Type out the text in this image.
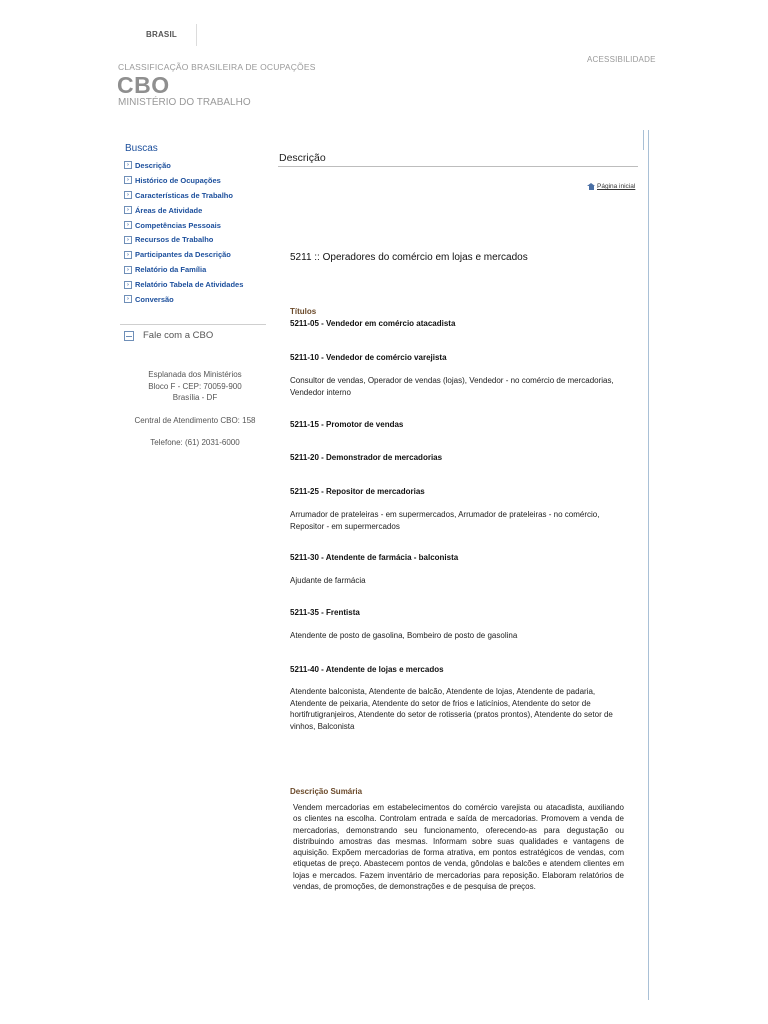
BRASIL
ACESSIBILIDADE
CLASSIFICAÇÃO BRASILEIRA DE OCUPAÇÕES
CBO
MINISTÉRIO DO TRABALHO
Buscas
› Descrição
› Histórico de Ocupações
› Características de Trabalho
› Áreas de Atividade
› Competências Pessoais
› Recursos de Trabalho
› Participantes da Descrição
› Relatório da Família
› Relatório Tabela de Atividades
› Conversão
Fale com a CBO
Esplanada dos Ministérios
Bloco F - CEP: 70059-900
Brasília - DF
Central de Atendimento CBO: 158
Telefone: (61) 2031-6000
Descrição
Página inicial
5211 :: Operadores do comércio em lojas e mercados
Títulos
5211-05 - Vendedor em comércio atacadista
5211-10 - Vendedor de comércio varejista
Consultor de vendas, Operador de vendas (lojas), Vendedor - no comércio de mercadorias, Vendedor interno
5211-15 - Promotor de vendas
5211-20 - Demonstrador de mercadorias
5211-25 - Repositor de mercadorias
Arrumador de prateleiras - em supermercados, Arrumador de prateleiras - no comércio, Repositor - em supermercados
5211-30 - Atendente de farmácia - balconista
Ajudante de farmácia
5211-35 - Frentista
Atendente de posto de gasolina, Bombeiro de posto de gasolina
5211-40 - Atendente de lojas e mercados
Atendente balconista, Atendente de balcão, Atendente de lojas, Atendente de padaria, Atendente de peixaria, Atendente do setor de frios e laticínios, Atendente do setor de hortifrutigranjeiros, Atendente do setor de rotisseria (pratos prontos), Atendente do setor de vinhos, Balconista
Descrição Sumária
Vendem mercadorias em estabelecimentos do comércio varejista ou atacadista, auxiliando os clientes na escolha. Controlam entrada e saída de mercadorias. Promovem a venda de mercadorias, demonstrando seu funcionamento, oferecendo-as para degustação ou distribuindo amostras das mesmas. Informam sobre suas qualidades e vantagens de aquisição. Expõem mercadorias de forma atrativa, em pontos estratégicos de vendas, com etiquetas de preço. Abastecem pontos de venda, gôndolas e balcões e atendem clientes em lojas e mercados. Fazem inventário de mercadorias para reposição. Elaboram relatórios de vendas, de promoções, de demonstrações e de pesquisa de preços.
